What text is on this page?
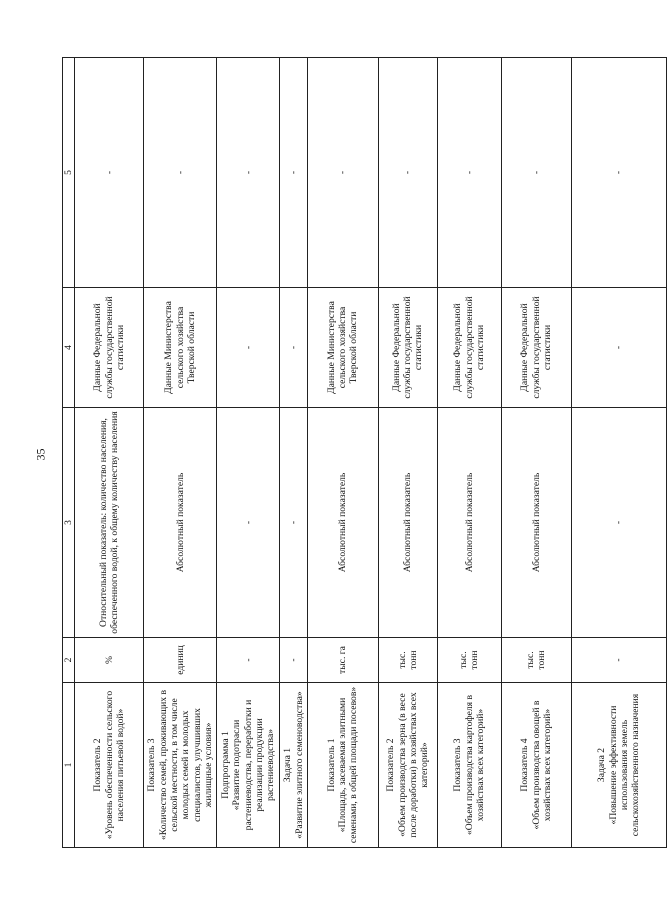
35
1	2	3	4	5
Показатель 2
«Уровень обеспеченности сельского населения питьевой водой»	%	Относительный показатель: количество населения, обеспеченного водой, к общему количеству населения	Данные Федеральной службы государственной статистики	-
Показатель 3
«Количество семей, проживающих в сельской местности, в том числе молодых семей и молодых специалистов, улучшивших жилищные условия»	единиц	Абсолютный показатель	Данные Министерства сельского хозяйства Тверской области	-
Подпрограмма 1
«Развитие подотрасли растениеводства, переработки и реализации продукции растениеводства»	-	-	-	-
Задача 1
«Развитие элитного семеноводства»	-	-	-	-
Показатель 1
«Площадь, засеваемая элитными семенами, в общей площади посевов»	тыс. га	Абсолютный показатель	Данные Министерства сельского хозяйства Тверской области	-
Показатель 2
«Объем производства зерна (в весе после доработки) в хозяйствах всех категорий»	тыс. тонн	Абсолютный показатель	Данные Федеральной службы государственной статистики	-
Показатель 3
«Объем производства картофеля в хозяйствах всех категорий»	тыс. тонн	Абсолютный показатель	Данные Федеральной службы государственной статистики	-
Показатель 4
«Объем производства овощей в хозяйствах всех категорий»	тыс. тонн	Абсолютный показатель	Данные Федеральной службы государственной статистики	-
Задача 2
«Повышение эффективности использования земель сельскохозяйственного назначения	-	-	-	-
